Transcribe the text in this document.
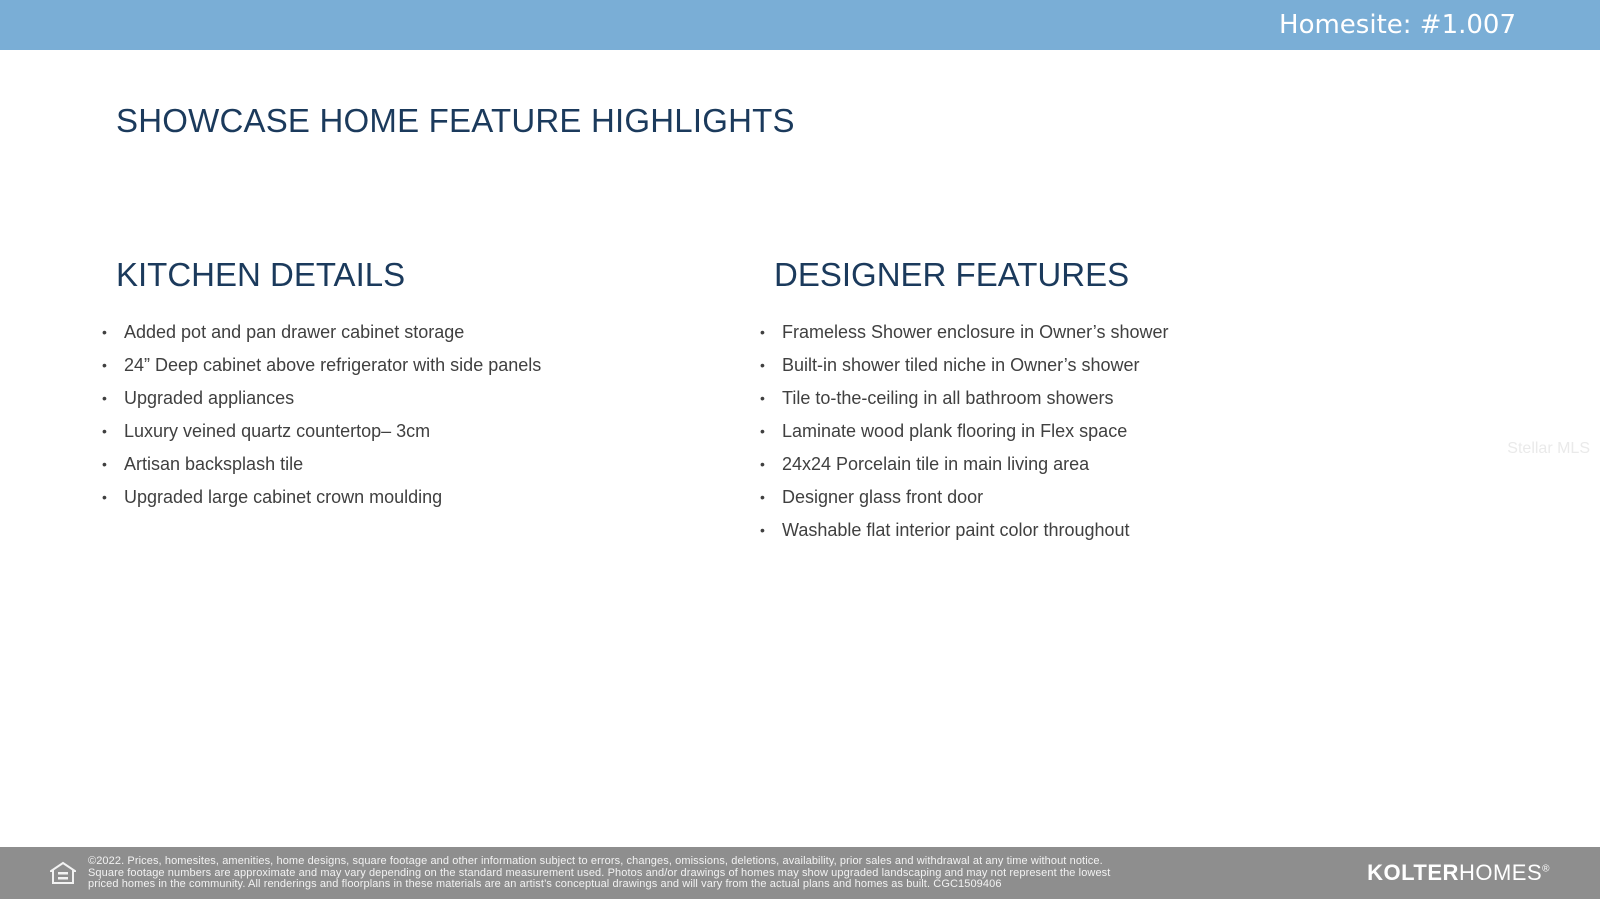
Homesite: #1.007
SHOWCASE HOME FEATURE HIGHLIGHTS
KITCHEN DETAILS
• Added pot and pan drawer cabinet storage
• 24” Deep cabinet above refrigerator with side panels
• Upgraded appliances
• Luxury veined quartz countertop– 3cm
• Artisan backsplash tile
• Upgraded large cabinet crown moulding
DESIGNER FEATURES
• Frameless Shower enclosure in Owner’s shower
• Built-in shower tiled niche in Owner’s shower
• Tile to-the-ceiling in all bathroom showers
• Laminate wood plank flooring in Flex space
• 24x24 Porcelain tile in main living area
• Designer glass front door
• Washable flat interior paint color throughout
Stellar MLS
©2022. Prices, homesites, amenities, home designs, square footage and other information subject to errors, changes, omissions, deletions, availability, prior sales and withdrawal at any time without notice.
Square footage numbers are approximate and may vary depending on the standard measurement used. Photos and/or drawings of homes may show upgraded landscaping and may not represent the lowest
priced homes in the community. All renderings and floorplans in these materials are an artist’s conceptual drawings and will vary from the actual plans and homes as built. CGC1509406	KOLTERHOMES®
